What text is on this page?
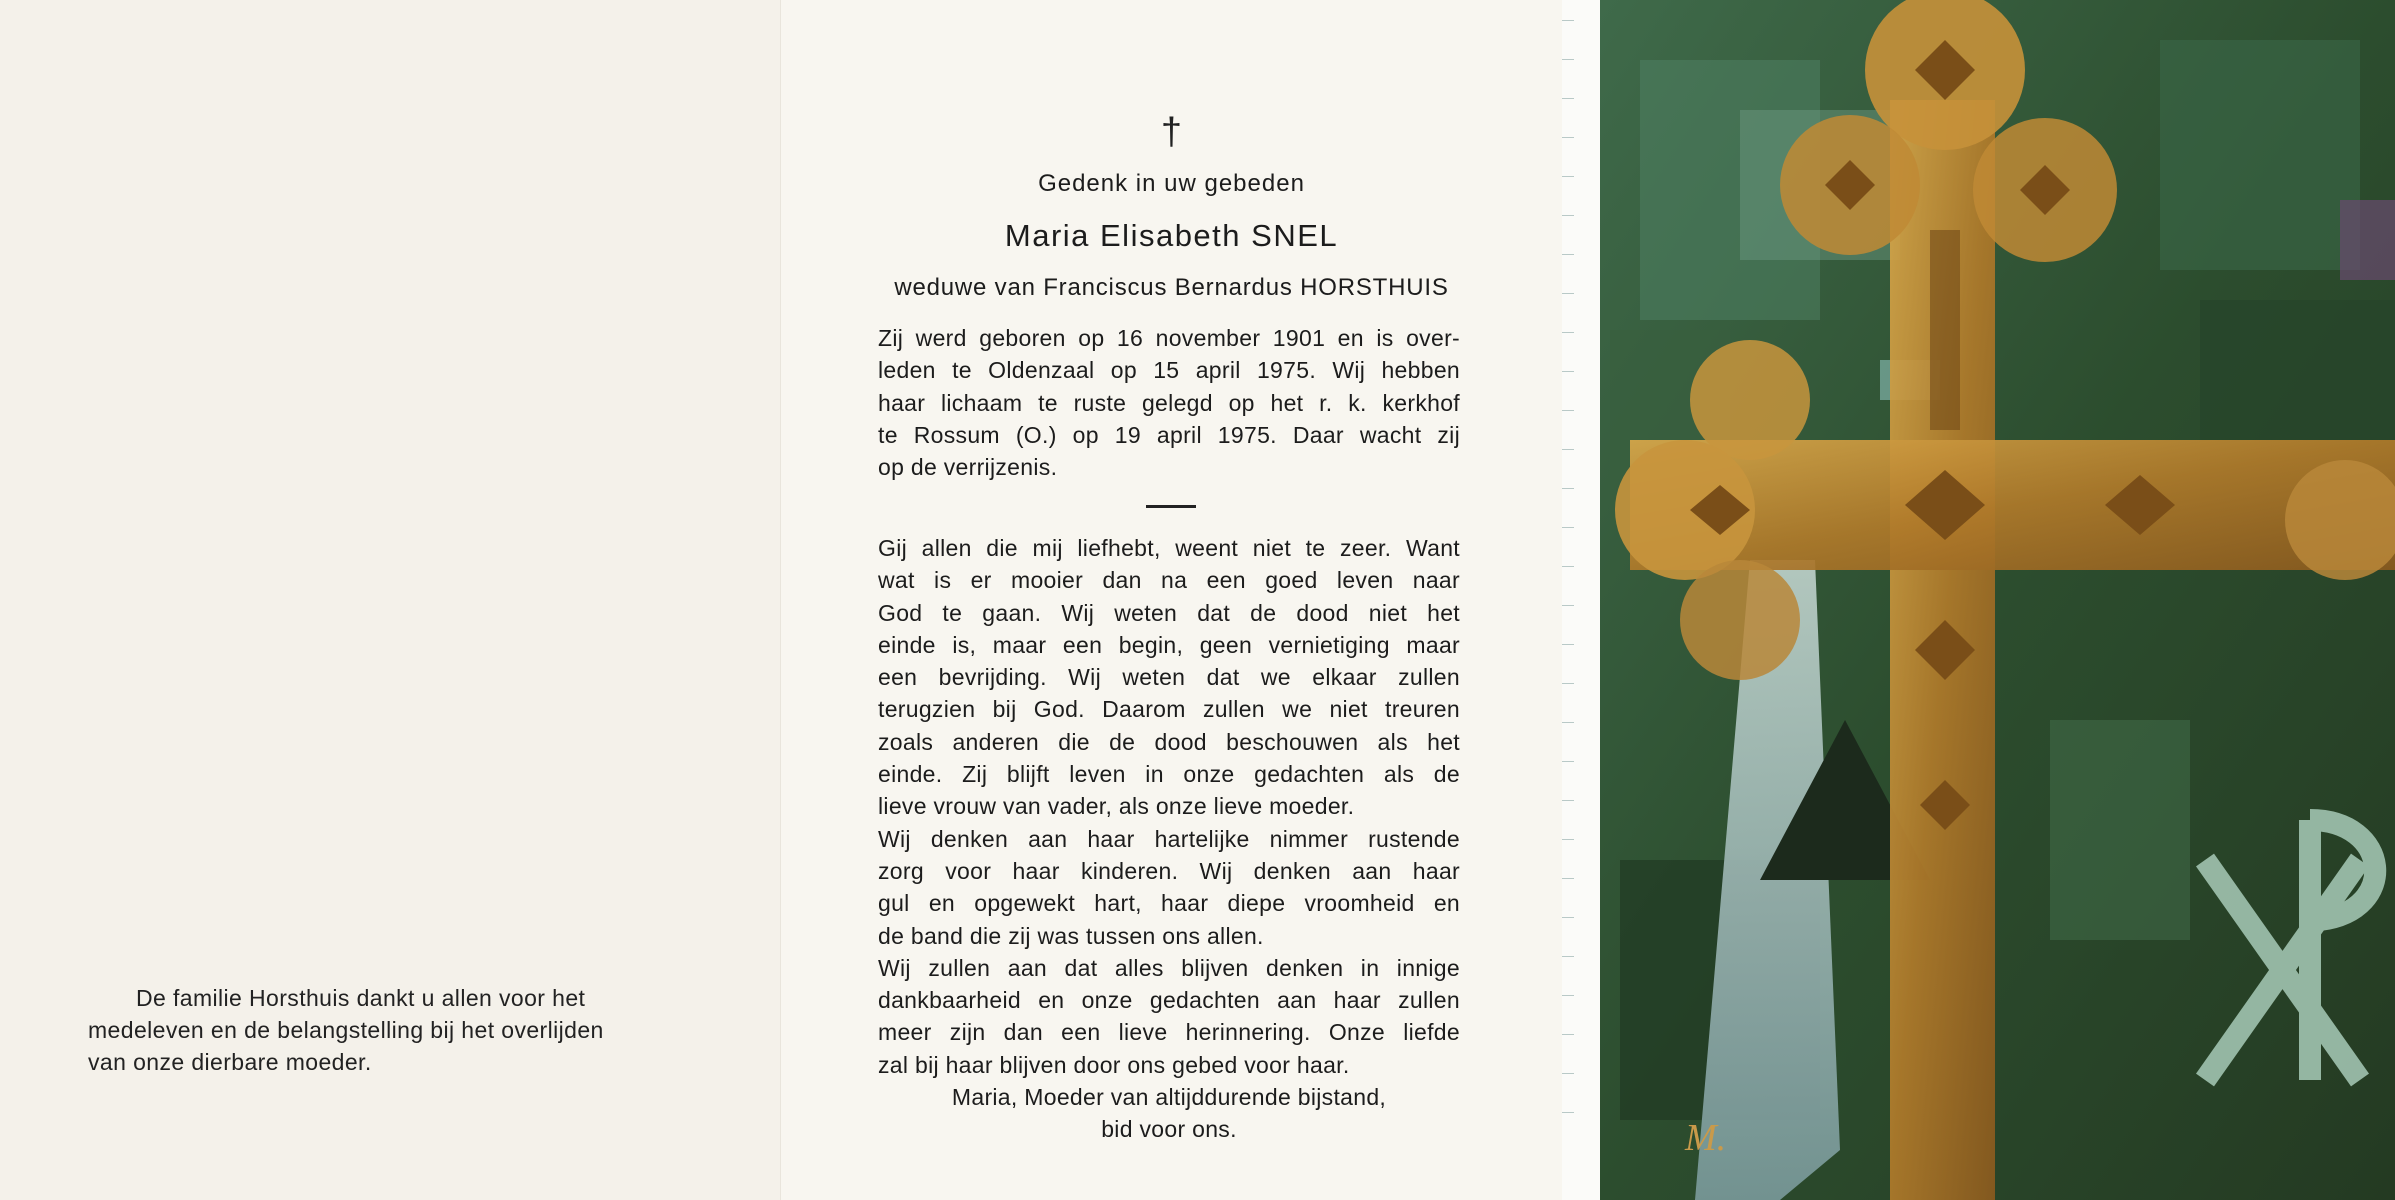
De familie Horsthuis dankt u allen voor het

medeleven en de belangstelling bij het overlijden

van onze dierbare moeder.

†
Gedenk in uw gebeden
Maria Elisabeth SNEL
weduwe van Franciscus Bernardus HORSTHUIS
Zij werd geboren op 16 november 1901 en is over-
leden te Oldenzaal op 15 april 1975. Wij hebben
haar lichaam te ruste gelegd op het r. k. kerkhof
te Rossum (O.) op 19 april 1975. Daar wacht zij
op de verrijzenis.
Gij allen die mij liefhebt, weent niet te zeer. Want
wat is er mooier dan na een goed leven naar
God te gaan. Wij weten dat de dood niet het
einde is, maar een begin, geen vernietiging maar
een bevrijding. Wij weten dat we elkaar zullen
terugzien bij God. Daarom zullen we niet treuren
zoals anderen die de dood beschouwen als het
einde. Zij blijft leven in onze gedachten als de
lieve vrouw van vader, als onze lieve moeder.
Wij denken aan haar hartelijke nimmer rustende
zorg voor haar kinderen. Wij denken aan haar
gul en opgewekt hart, haar diepe vroomheid en
de band die zij was tussen ons allen.
Wij zullen aan dat alles blijven denken in innige
dankbaarheid en onze gedachten aan haar zullen
meer zijn dan een lieve herinnering. Onze liefde
zal bij haar blijven door ons gebed voor haar.
Maria, Moeder van altijddurende bijstand,
bid voor ons.
XP
M.
